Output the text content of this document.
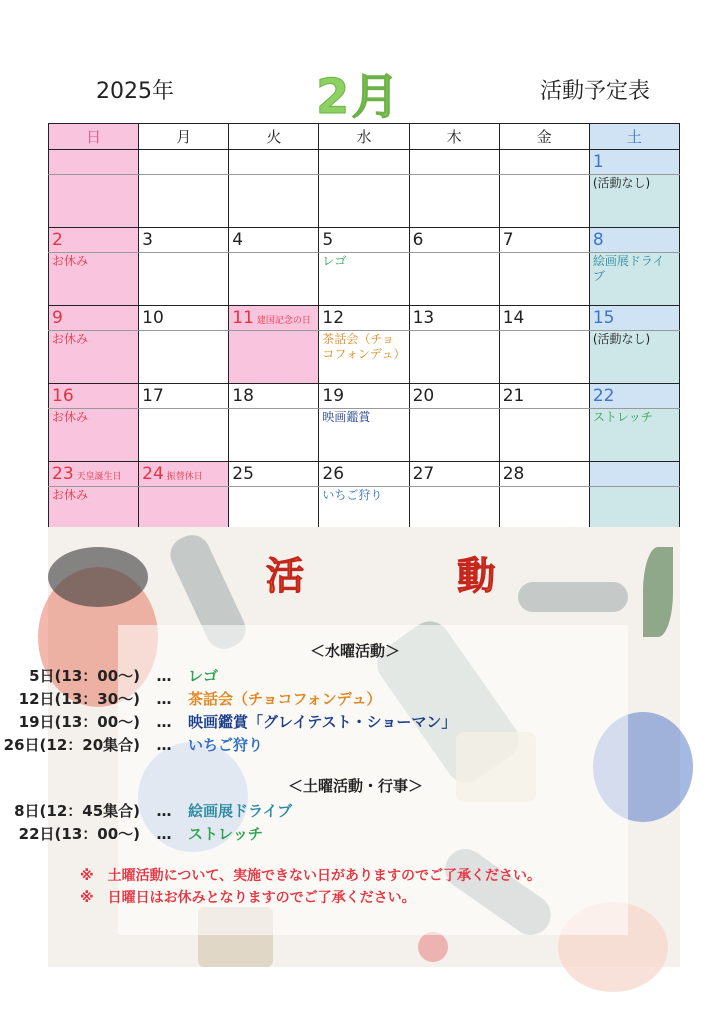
2025年	2月	活動予定表
日	月	火	水	木	金	土
						1
						(活動なし)
2	3	4	5	6	7	8
お休み			レゴ			絵画展ドライブ
9	10	11 建国記念の日	12	13	14	15
お休み			茶話会（チョコフォンデュ）			(活動なし)
16	17	18	19	20	21	22
お休み			映画鑑賞			ストレッチ
23 天皇誕生日	24 振替休日	25	26	27	28	
お休み			いちご狩り			
活 動
＜水曜活動＞
5日(13：00～) … レゴ
12日(13：30～) … 茶話会（チョコフォンデュ）
19日(13：00～) … 映画鑑賞「グレイテスト・ショーマン」
26日(12：20集合) … いちご狩り
＜土曜活動・行事＞
8日(12：45集合) … 絵画展ドライブ
22日(13：00～) … ストレッチ
※　土曜活動について、実施できない日がありますのでご了承ください。
※　日曜日はお休みとなりますのでご了承ください。
